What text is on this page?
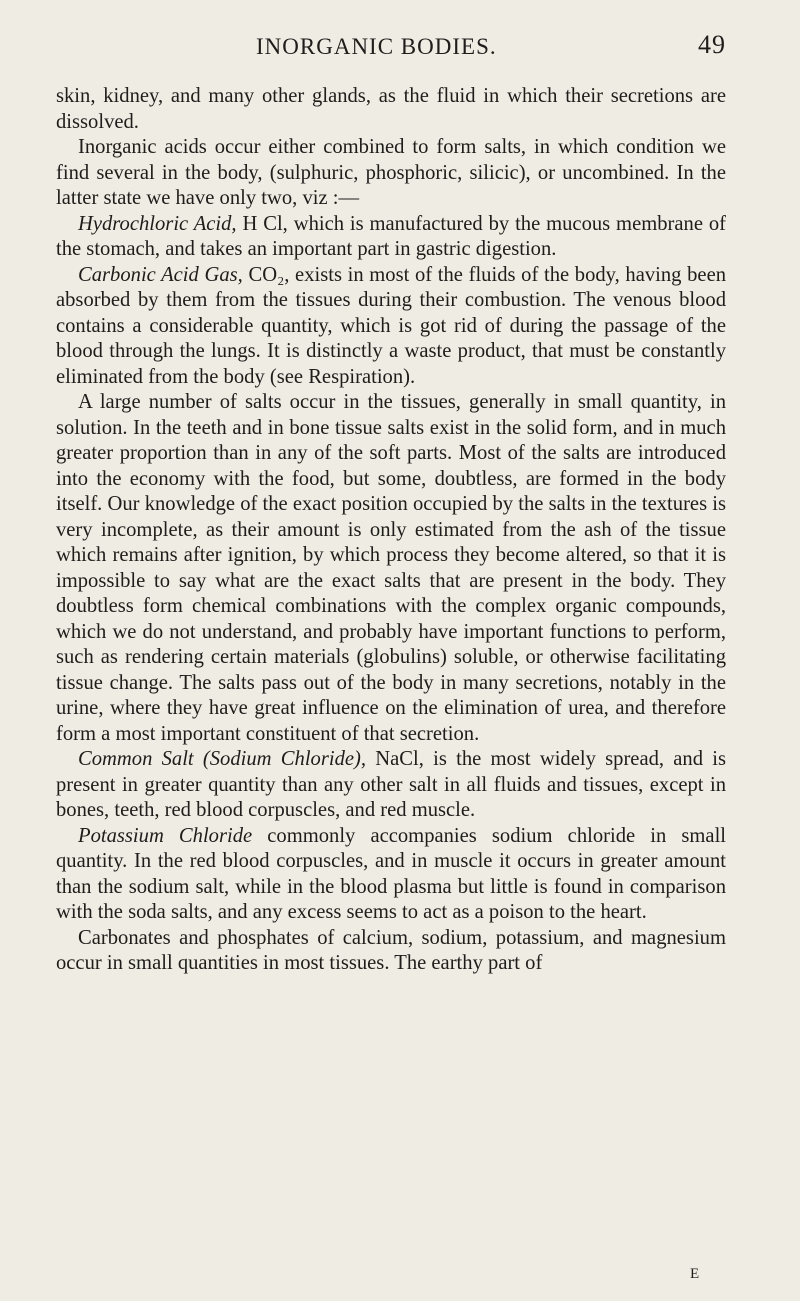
INORGANIC BODIES.	49

skin, kidney, and many other glands, as the fluid in which their secretions are dissolved.

Inorganic acids occur either combined to form salts, in which condition we find several in the body, (sulphuric, phosphoric, silicic), or uncombined. In the latter state we have only two, viz :—

Hydrochloric Acid, H Cl, which is manufactured by the mucous membrane of the stomach, and takes an important part in gastric digestion.

Carbonic Acid Gas, CO₂, exists in most of the fluids of the body, having been absorbed by them from the tissues during their combustion. The venous blood contains a considerable quantity, which is got rid of during the passage of the blood through the lungs. It is distinctly a waste product, that must be constantly eliminated from the body (see Respiration).

A large number of salts occur in the tissues, generally in small quantity, in solution. In the teeth and in bone tissue salts exist in the solid form, and in much greater proportion than in any of the soft parts. Most of the salts are introduced into the economy with the food, but some, doubtless, are formed in the body itself. Our knowledge of the exact position occupied by the salts in the textures is very incomplete, as their amount is only estimated from the ash of the tissue which remains after ignition, by which process they become altered, so that it is impossible to say what are the exact salts that are present in the body. They doubtless form chemical combinations with the complex organic compounds, which we do not understand, and probably have important functions to perform, such as rendering certain materials (globulins) soluble, or otherwise facilitating tissue change. The salts pass out of the body in many secretions, notably in the urine, where they have great influence on the elimination of urea, and therefore form a most important constituent of that secretion.

Common Salt (Sodium Chloride), NaCl, is the most widely spread, and is present in greater quantity than any other salt in all fluids and tissues, except in bones, teeth, red blood corpuscles, and red muscle.

Potassium Chloride commonly accompanies sodium chloride in small quantity. In the red blood corpuscles, and in muscle it occurs in greater amount than the sodium salt, while in the blood plasma but little is found in comparison with the soda salts, and any excess seems to act as a poison to the heart.

Carbonates and phosphates of calcium, sodium, potassium, and magnesium occur in small quantities in most tissues. The earthy part of

E
